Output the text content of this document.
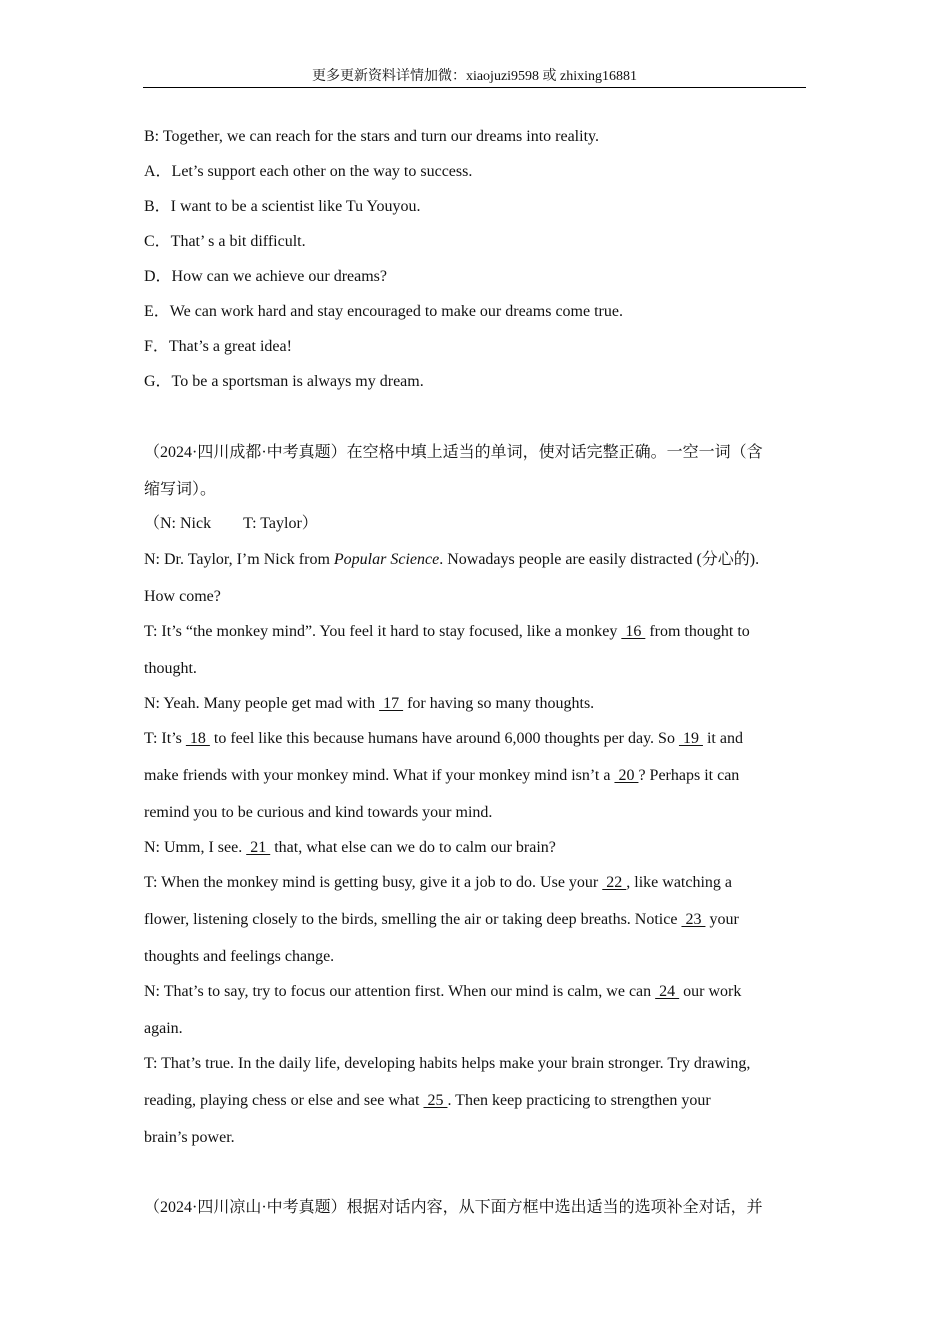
更多更新资料详情加微：xiaojuzi9598 或 zhixing16881
B: Together, we can reach for the stars and turn our dreams into reality.
A．Let’s support each other on the way to success.
B．I want to be a scientist like Tu Youyou.
C．That’ s a bit difficult.
D．How can we achieve our dreams?
E．We can work hard and stay encouraged to make our dreams come true.
F．That’s a great idea!
G．To be a sportsman is always my dream.
（2024·四川成都·中考真题）在空格中填上适当的单词，使对话完整正确。一空一词（含
缩写词）。
（N: Nick　　T: Taylor）
N: Dr. Taylor, I’m Nick from Popular Science. Nowadays people are easily distracted (分心的).
How come?
T: It’s “the monkey mind”. You feel it hard to stay focused, like a monkey  16  from thought to
thought.
N: Yeah. Many people get mad with  17  for having so many thoughts.
T: It’s  18  to feel like this because humans have around 6,000 thoughts per day. So  19  it and
make friends with your monkey mind. What if your monkey mind isn’t a  20 ? Perhaps it can
remind you to be curious and kind towards your mind.
N: Umm, I see.  21  that, what else can we do to calm our brain?
T: When the monkey mind is getting busy, give it a job to do. Use your  22 , like watching a
flower, listening closely to the birds, smelling the air or taking deep breaths. Notice  23  your
thoughts and feelings change.
N: That’s to say, try to focus our attention first. When our mind is calm, we can  24  our work
again.
T: That’s true. In the daily life, developing habits helps make your brain stronger. Try drawing,
reading, playing chess or else and see what  25 . Then keep practicing to strengthen your
brain’s power.
（2024·四川凉山·中考真题）根据对话内容，从下面方框中选出适当的选项补全对话，并
